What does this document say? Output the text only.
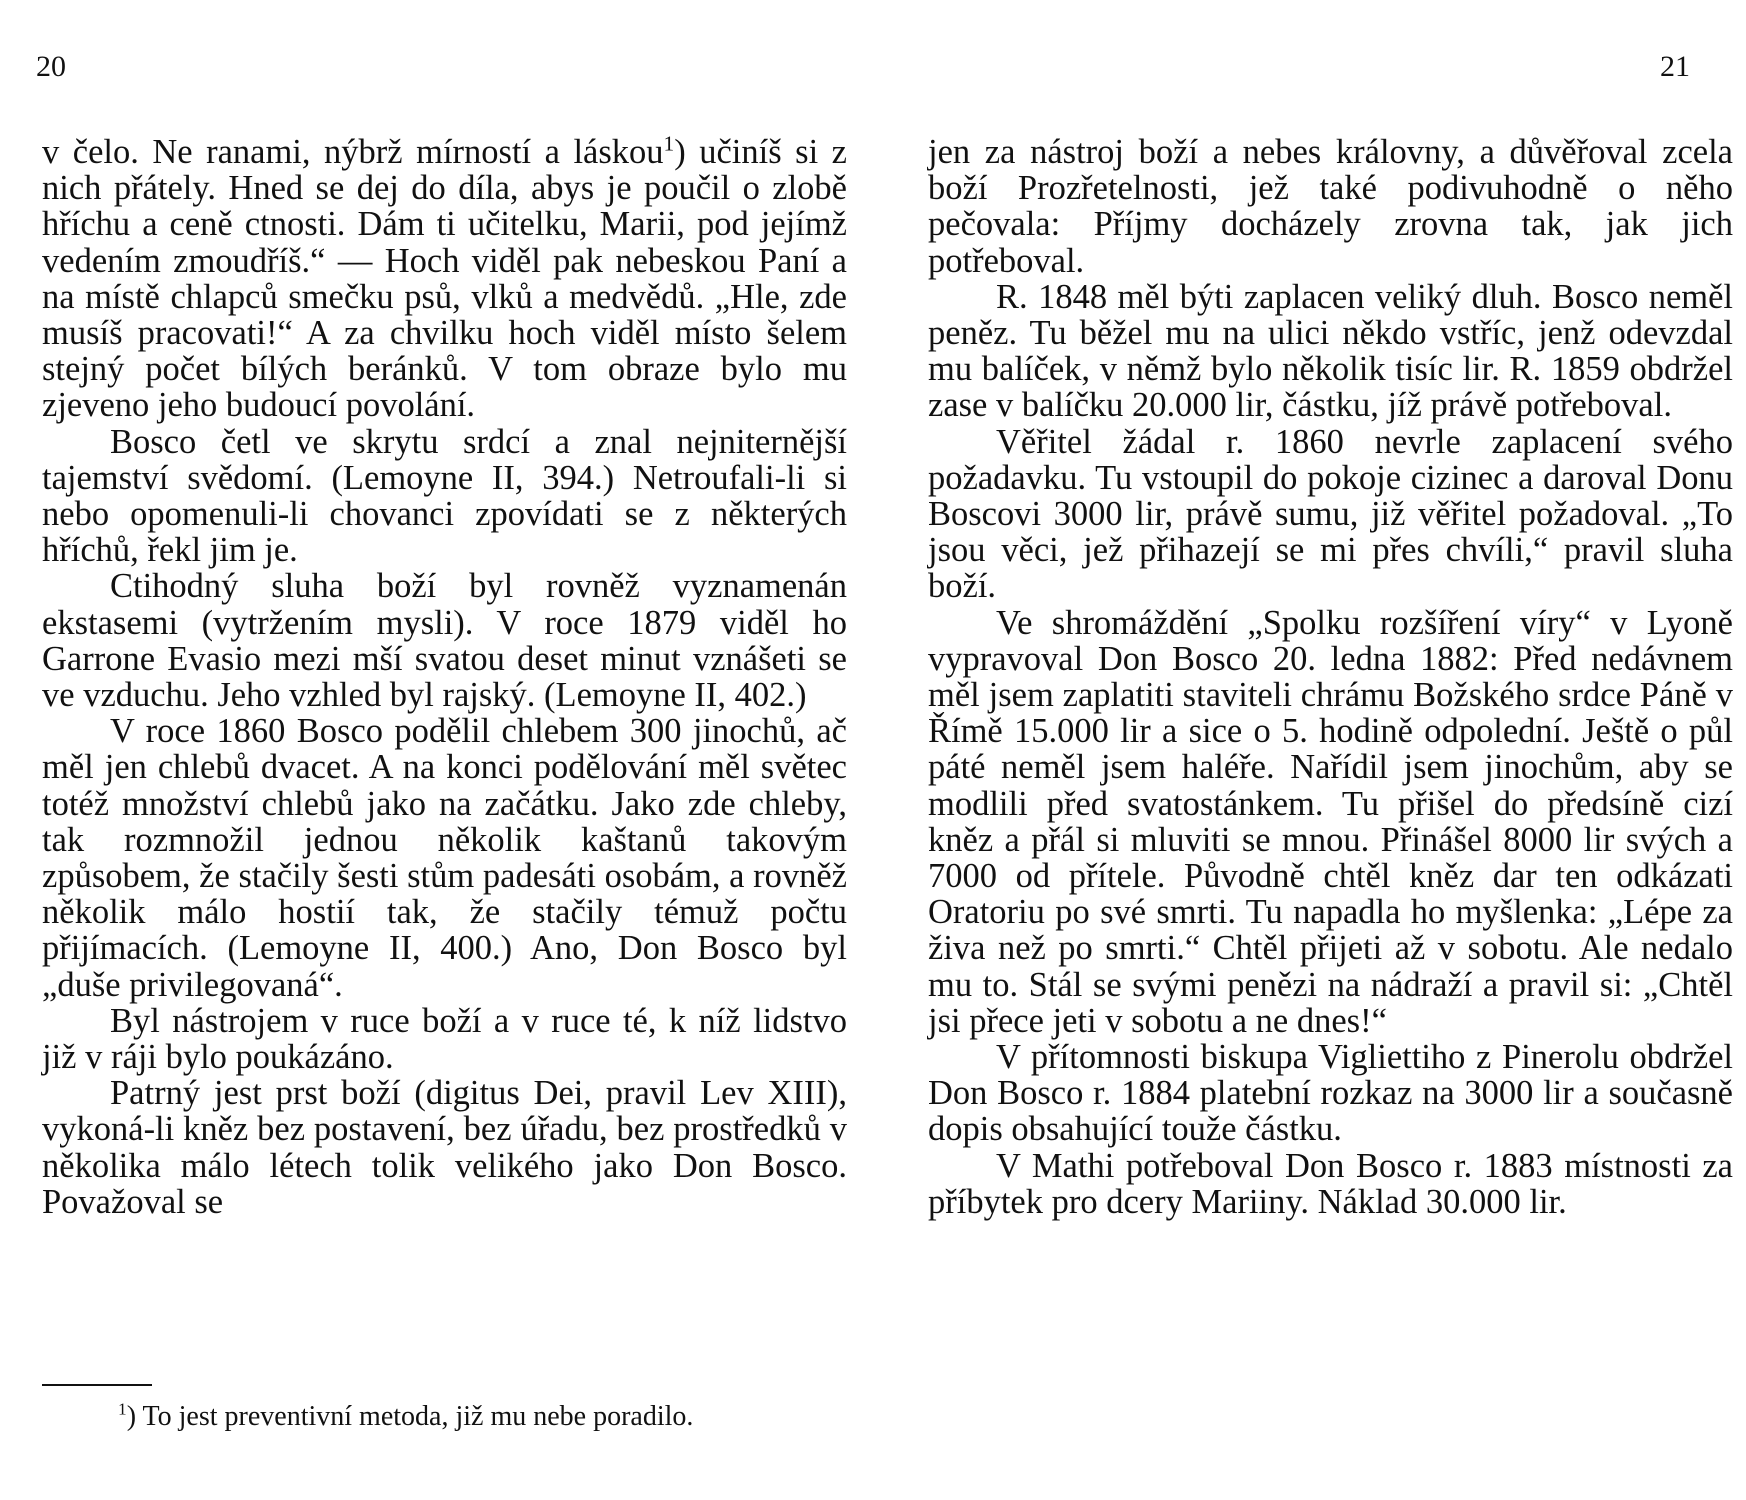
20	21

v čelo. Ne ranami, nýbrž mírností a láskou$^1$) učiníš si z nich přátely. Hned se dej do díla, abys je poučil o zlobě hříchu a ceně ctnosti. Dám ti učitelku, Marii, pod jejímž vedením zmoudříš.“ — Hoch viděl pak nebeskou Paní a na místě chlapců smečku psů, vlků a medvědů. „Hle, zde musíš pracovati!“ A za chvilku hoch viděl místo šelem stejný počet bílých beránků. V tom obraze bylo mu zjeveno jeho budoucí povolání.

Bosco četl ve skrytu srdcí a znal nejniternější tajemství svědomí. (Lemoyne II, 394.) Netroufali-li si nebo opomenuli-li chovanci zpovídati se z některých hříchů, řekl jim je.

Ctihodný sluha boží byl rovněž vyznamenán ekstasemi (vytržením mysli). V roce 1879 viděl ho Garrone Evasio mezi mší svatou deset minut vznášeti se ve vzduchu. Jeho vzhled byl rajský. (Lemoyne II, 402.)

V roce 1860 Bosco podělil chlebem 300 jinochů, ač měl jen chlebů dvacet. A na konci podělování měl světec totéž množství chlebů jako na začátku. Jako zde chleby, tak rozmnožil jednou několik kaštanů takovým způsobem, že stačily šesti stům padesáti osobám, a rovněž několik málo hostií tak, že stačily témuž počtu přijímacích. (Lemoyne II, 400.) Ano, Don Bosco byl „duše privilegovaná“.

Byl nástrojem v ruce boží a v ruce té, k níž lidstvo již v ráji bylo poukázáno.

Patrný jest prst boží (digitus Dei, pravil Lev XIII), vykoná-li kněz bez postavení, bez úřadu, bez prostředků v několika málo létech tolik velikého jako Don Bosco. Považoval se

$^1$) To jest preventivní metoda, již mu nebe poradilo.

jen za nástroj boží a nebes královny, a důvěřoval zcela boží Prozřetelnosti, jež také podivuhodně o něho pečovala: Příjmy docházely zrovna tak, jak jich potřeboval.

R. 1848 měl býti zaplacen veliký dluh. Bosco neměl peněz. Tu běžel mu na ulici někdo vstříc, jenž odevzdal mu balíček, v němž bylo několik tisíc lir. R. 1859 obdržel zase v balíčku 20.000 lir, částku, jíž právě potřeboval.

Věřitel žádal r. 1860 nevrle zaplacení svého požadavku. Tu vstoupil do pokoje cizinec a daroval Donu Boscovi 3000 lir, právě sumu, již věřitel požadoval. „To jsou věci, jež přihazejí se mi přes chvíli,“ pravil sluha boží.

Ve shromáždění „Spolku rozšíření víry“ v Lyoně vypravoval Don Bosco 20. ledna 1882: Před nedávnem měl jsem zaplatiti staviteli chrámu Božského srdce Páně v Římě 15.000 lir a sice o 5. hodině odpolední. Ještě o půl páté neměl jsem haléře. Nařídil jsem jinochům, aby se modlili před svatostánkem. Tu přišel do předsíně cizí kněz a přál si mluviti se mnou. Přinášel 8000 lir svých a 7000 od přítele. Původně chtěl kněz dar ten odkázati Oratoriu po své smrti. Tu napadla ho myšlenka: „Lépe za živa než po smrti.“ Chtěl přijeti až v sobotu. Ale nedalo mu to. Stál se svými penězi na nádraží a pravil si: „Chtěl jsi přece jeti v sobotu a ne dnes!“

V přítomnosti biskupa Vigliettiho z Pinerolu obdržel Don Bosco r. 1884 platební rozkaz na 3000 lir a současně dopis obsahující touže částku.

V Mathi potřeboval Don Bosco r. 1883 místnosti za příbytek pro dcery Mariiny. Náklad 30.000 lir.
